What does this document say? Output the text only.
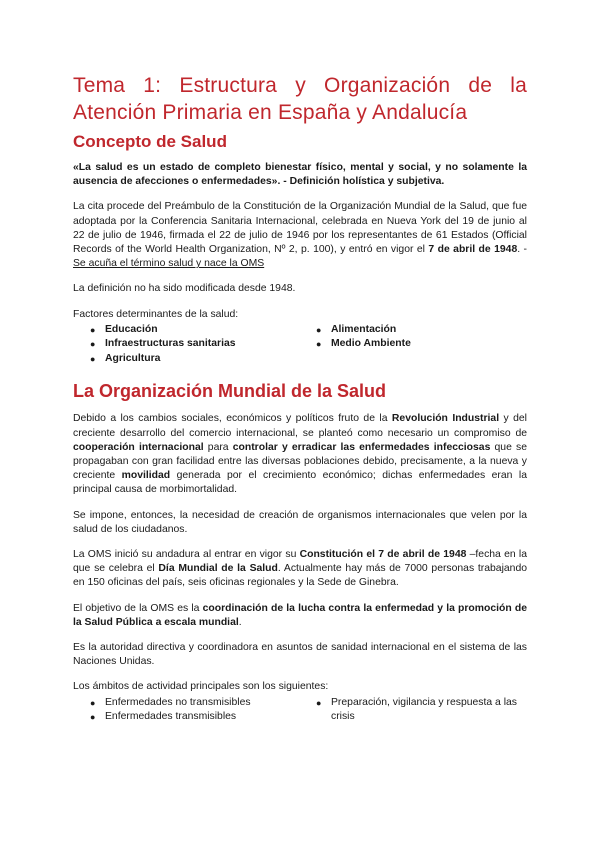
Tema 1: Estructura y Organización de la Atención Primaria en España y Andalucía
Concepto de Salud

«La salud es un estado de completo bienestar físico, mental y social, y no solamente la ausencia de afecciones o enfermedades». - Definición holística y subjetiva.

La cita procede del Preámbulo de la Constitución de la Organización Mundial de la Salud, que fue adoptada por la Conferencia Sanitaria Internacional, celebrada en Nueva York del 19 de junio al 22 de julio de 1946, firmada el 22 de julio de 1946 por los representantes de 61 Estados (Official Records of the World Health Organization, Nº 2, p. 100), y entró en vigor el 7 de abril de 1948. - Se acuña el término salud y nace la OMS

La definición no ha sido modificada desde 1948.

Factores determinantes de la salud:

● Educación
● Infraestructuras sanitarias
● Agricultura
● Alimentación
● Medio Ambiente
La Organización Mundial de la Salud

Debido a los cambios sociales, económicos y políticos fruto de la Revolución Industrial y del creciente desarrollo del comercio internacional, se planteó como necesario un compromiso de cooperación internacional para controlar y erradicar las enfermedades infecciosas que se propagaban con gran facilidad entre las diversas poblaciones debido, precisamente, a la nueva y creciente movilidad generada por el crecimiento económico; dichas enfermedades eran la principal causa de morbimortalidad.

Se impone, entonces, la necesidad de creación de organismos internacionales que velen por la salud de los ciudadanos.

La OMS inició su andadura al entrar en vigor su Constitución el 7 de abril de 1948 –fecha en la que se celebra el Día Mundial de la Salud. Actualmente hay más de 7000 personas trabajando en 150 oficinas del país, seis oficinas regionales y la Sede de Ginebra.

El objetivo de la OMS es la coordinación de la lucha contra la enfermedad y la promoción de la Salud Pública a escala mundial.

Es la autoridad directiva y coordinadora en asuntos de sanidad internacional en el sistema de las Naciones Unidas.

Los ámbitos de actividad principales son los siguientes:

● Enfermedades no transmisibles
● Enfermedades transmisibles
● Preparación, vigilancia y respuesta a las crisis
